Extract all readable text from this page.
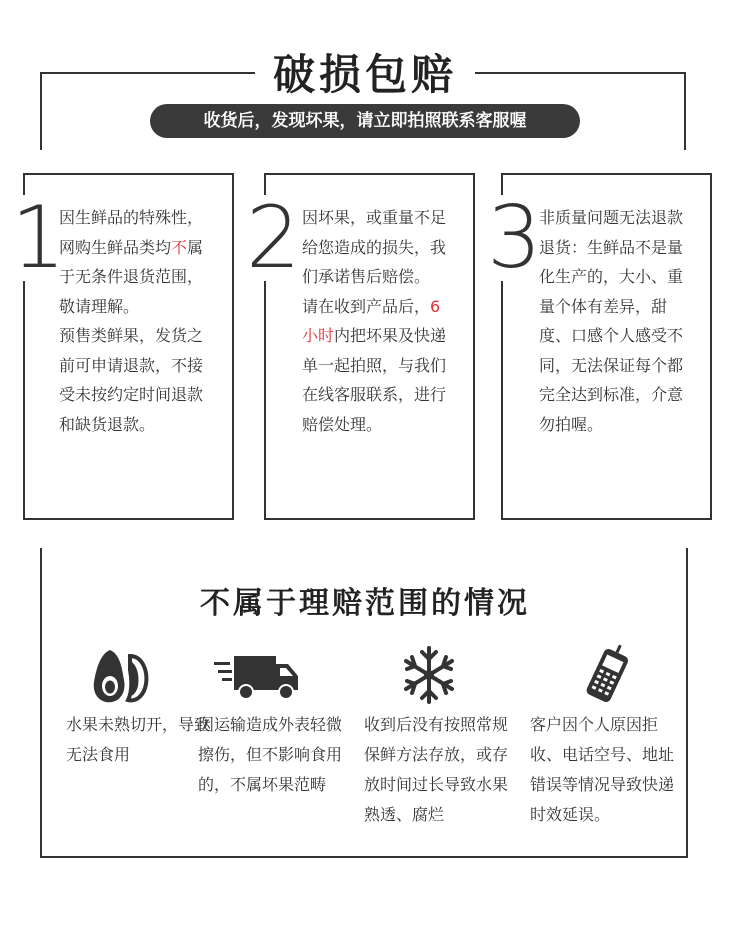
破损包赔
收货后，发现坏果，请立即拍照联系客服喔
1

因生鲜品的特殊性，网购生鲜品类均不属于无条件退货范围，敬请理解。

预售类鲜果，发货之前可申请退款，不接受未按约定时间退款和缺货退款。

2 因坏果，或重量不足给您造成的损失，我们承诺售后赔偿。

请在收到产品后，6小时内把坏果及快递单一起拍照，与我们在线客服联系，进行赔偿处理。

3

非质量问题无法退款退货：生鲜品不是量化生产的，大小、重量个体有差异，甜度、口感个人感受不同，无法保证每个都完全达到标准，介意勿拍喔。

不属于理赔范围的情况
水果未熟切开，导致无法食用
因运输造成外表轻微擦伤，但不影响食用的，不属坏果范畴
收到后没有按照常规保鲜方法存放，或存放时间过长导致水果熟透、腐烂
客户因个人原因拒收、电话空号、地址错误等情况导致快递时效延误。
